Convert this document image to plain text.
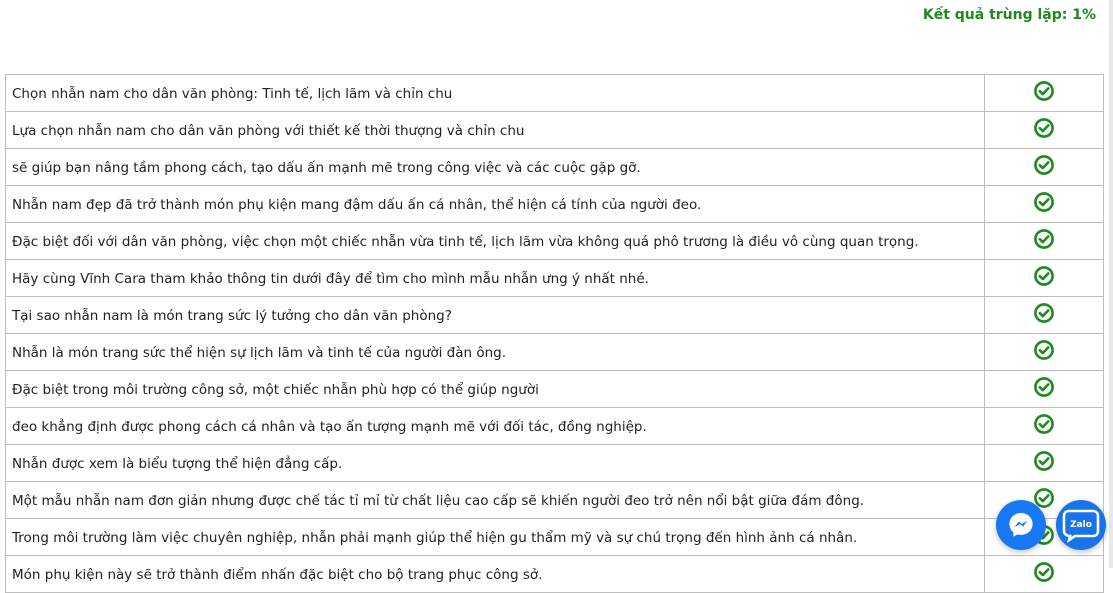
Kết quả trùng lặp: 1%
Chọn nhẫn nam cho dân văn phòng: Tinh tế, lịch lãm và chỉn chu	
Lựa chọn nhẫn nam cho dân văn phòng với thiết kế thời thượng và chỉn chu	
sẽ giúp bạn nâng tầm phong cách, tạo dấu ấn mạnh mẽ trong công việc và các cuộc gặp gỡ.	
Nhẫn nam đẹp đã trở thành món phụ kiện mang đậm dấu ấn cá nhân, thể hiện cá tính của người đeo.	
Đặc biệt đối với dân văn phòng, việc chọn một chiếc nhẫn vừa tinh tế, lịch lãm vừa không quá phô trương là điều vô cùng quan trọng.	
Hãy cùng Vĩnh Cara tham khảo thông tin dưới đây để tìm cho mình mẫu nhẫn ưng ý nhất nhé.	
Tại sao nhẫn nam là món trang sức lý tưởng cho dân văn phòng?	
Nhẫn là món trang sức thể hiện sự lịch lãm và tinh tế của người đàn ông.	
Đặc biệt trong môi trường công sở, một chiếc nhẫn phù hợp có thể giúp người	
đeo khẳng định được phong cách cá nhân và tạo ấn tượng mạnh mẽ với đối tác, đồng nghiệp.	
Nhẫn được xem là biểu tượng thể hiện đẳng cấp.	
Một mẫu nhẫn nam đơn giản nhưng được chế tác tỉ mỉ từ chất liệu cao cấp sẽ khiến người đeo trở nên nổi bật giữa đám đông.	
Trong môi trường làm việc chuyên nghiệp, nhẫn phải mạnh giúp thể hiện gu thẩm mỹ và sự chú trọng đến hình ảnh cá nhân.	
Món phụ kiện này sẽ trở thành điểm nhấn đặc biệt cho bộ trang phục công sở.	
Zalo
